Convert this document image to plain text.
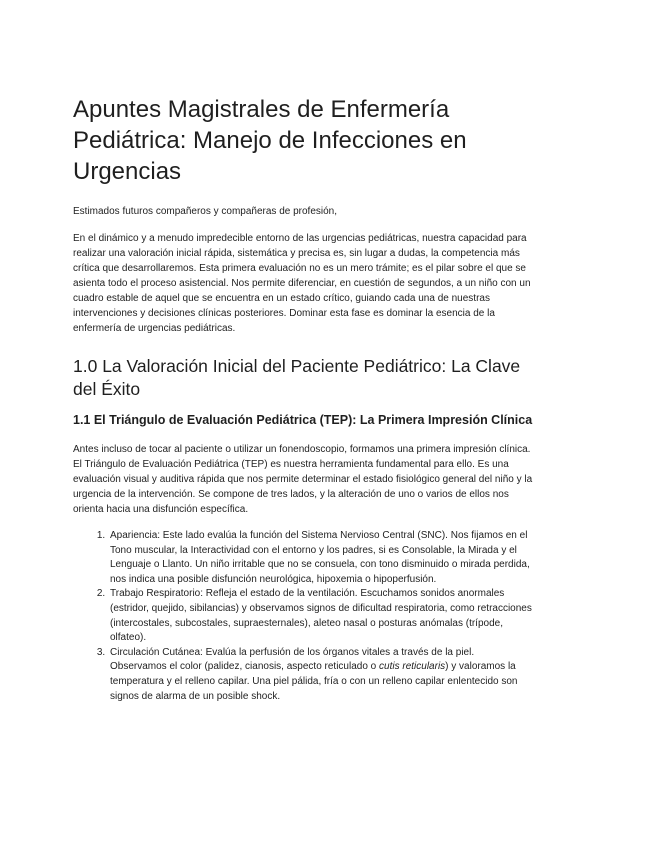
Apuntes Magistrales de Enfermería Pediátrica: Manejo de Infecciones en Urgencias

Estimados futuros compañeros y compañeras de profesión,

En el dinámico y a menudo impredecible entorno de las urgencias pediátricas, nuestra capacidad para realizar una valoración inicial rápida, sistemática y precisa es, sin lugar a dudas, la competencia más crítica que desarrollaremos. Esta primera evaluación no es un mero trámite; es el pilar sobre el que se asienta todo el proceso asistencial. Nos permite diferenciar, en cuestión de segundos, a un niño con un cuadro estable de aquel que se encuentra en un estado crítico, guiando cada una de nuestras intervenciones y decisiones clínicas posteriores. Dominar esta fase es dominar la esencia de la enfermería de urgencias pediátricas.

1.0 La Valoración Inicial del Paciente Pediátrico: La Clave del Éxito
1.1 El Triángulo de Evaluación Pediátrica (TEP): La Primera Impresión Clínica

Antes incluso de tocar al paciente o utilizar un fonendoscopio, formamos una primera impresión clínica. El Triángulo de Evaluación Pediátrica (TEP) es nuestra herramienta fundamental para ello. Es una evaluación visual y auditiva rápida que nos permite determinar el estado fisiológico general del niño y la urgencia de la intervención. Se compone de tres lados, y la alteración de uno o varios de ellos nos orienta hacia una disfunción específica.

1. Apariencia: Este lado evalúa la función del Sistema Nervioso Central (SNC). Nos fijamos en el Tono muscular, la Interactividad con el entorno y los padres, si es Consolable, la Mirada y el Lenguaje o Llanto. Un niño irritable que no se consuela, con tono disminuido o mirada perdida, nos indica una posible disfunción neurológica, hipoxemia o hipoperfusión.
2. Trabajo Respiratorio: Refleja el estado de la ventilación. Escuchamos sonidos anormales (estridor, quejido, sibilancias) y observamos signos de dificultad respiratoria, como retracciones (intercostales, subcostales, supraesternales), aleteo nasal o posturas anómalas (trípode, olfateo).
3. Circulación Cutánea: Evalúa la perfusión de los órganos vitales a través de la piel. Observamos el color (palidez, cianosis, aspecto reticulado o cutis reticularis) y valoramos la temperatura y el relleno capilar. Una piel pálida, fría o con un relleno capilar enlentecido son signos de alarma de un posible shock.
